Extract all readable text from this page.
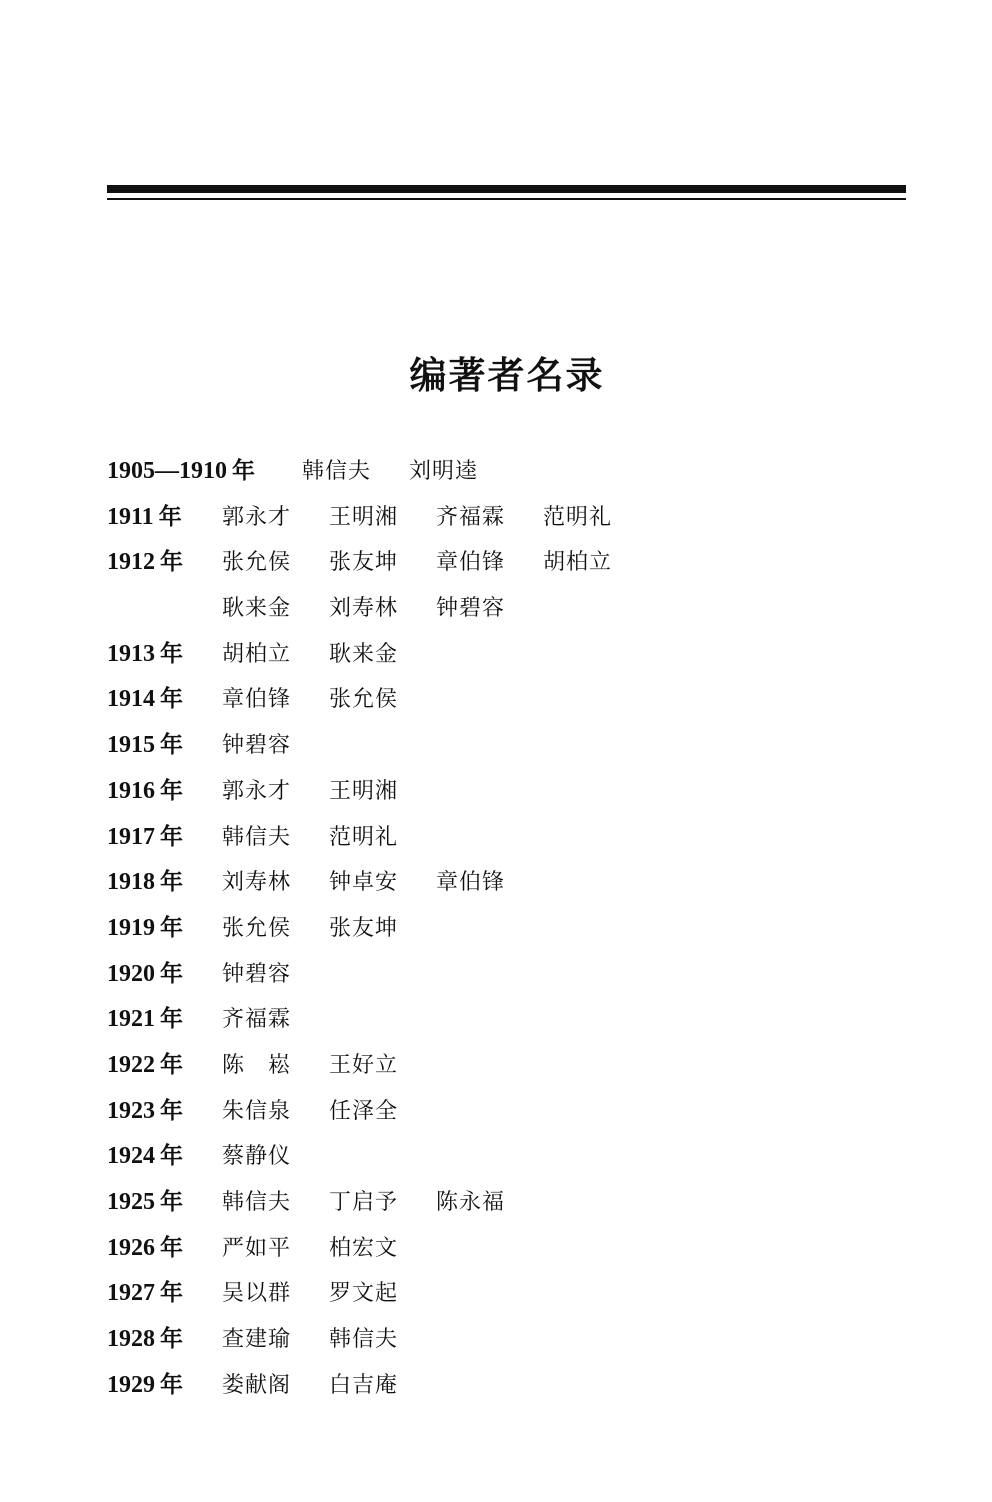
编著者名录
1905—1910 年 韩信夫 刘明逵
1911 年 郭永才 王明湘 齐福霖 范明礼
1912 年 张允侯 张友坤 章伯锋 胡柏立
耿来金 刘寿林 钟碧容
1913 年 胡柏立 耿来金
1914 年 章伯锋 张允侯
1915 年 钟碧容
1916 年 郭永才 王明湘
1917 年 韩信夫 范明礼
1918 年 刘寿林 钟卓安 章伯锋
1919 年 张允侯 张友坤
1920 年 钟碧容
1921 年 齐福霖
1922 年 陈　崧 王好立
1923 年 朱信泉 任泽全
1924 年 蔡静仪
1925 年 韩信夫 丁启予 陈永福
1926 年 严如平 柏宏文
1927 年 吴以群 罗文起
1928 年 查建瑜 韩信夫
1929 年 娄献阁 白吉庵
